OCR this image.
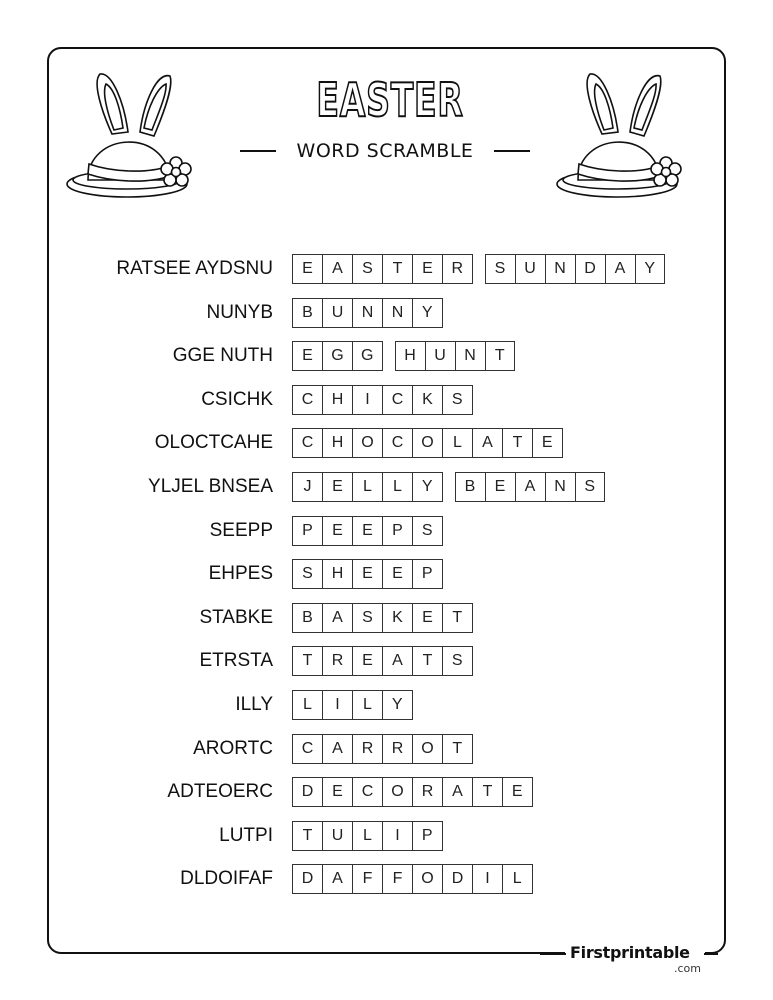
EASTER
WORD SCRAMBLE
RATSEE AYDSNU	E	A	S	T	E	R	S	U	N	D	A	Y
NUNYB	B	U	N	N	Y
GGE NUTH	E	G	G	H	U	N	T
CSICHK	C	H	I	C	K	S
OLOCTCAHE	C	H	O	C	O	L	A	T	E
YLJEL BNSEA	J	E	L	L	Y	B	E	A	N	S
SEEPP	P	E	E	P	S
EHPES	S	H	E	E	P
STABKE	B	A	S	K	E	T
ETRSTA	T	R	E	A	T	S
ILLY	L	I	L	Y
ARORTC	C	A	R	R	O	T
ADTEOERC	D	E	C	O	R	A	T	E
LUTPI	T	U	L	I	P
DLDOIFAF	D	A	F	F	O	D	I	L
Firstprintable
.com
